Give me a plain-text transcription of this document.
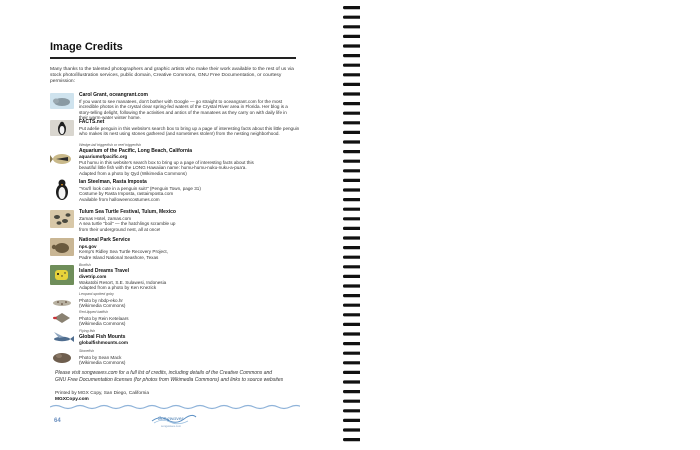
Image Credits
Many thanks to the talented photographers and graphic artists who make their work available to the rest of us via stock photo/illustration services, public domain, Creative Commons, GNU Free Documentation, or courtesy permission:
Carol Grant, oceangrant.com
If you want to see manatees, don't bother with Google — go straight to oceangrant.com for the most
incredible photos in the crystal clear spring-fed waters of the Crystal River area in Florida. Her blog is a
story-telling delight, following the activities and antics of the manatees as they carry on with daily life in
their warm-water winter home.
FACTS.net
Put adelie penguin in this website's search box to bring up a page of interesting facts about this little penguin
who makes its nest using stones gathered (and sometimes stolen!) from the nesting neighborhood.
Wedge-tail triggerfish or reef triggerfish
Aquarium of the Pacific, Long Beach, California
aquariumofpacific.org
Put humu in this website's search box to bring up a page of interesting facts about this
beautiful little fish with the LONG Hawaiian name: humu-humu-nuku-nuku-a-pua'a.
Adapted from a photo by Qyd (Wikimedia Commons)
Ian Steelman, Rasta Imposta
"You'll look cute in a penguin suit!" (Penguin Town, page 31)
Costume by Rasta Imposta, rastaimposta.com
Available from halloweencostumes.com
Tulum Sea Turtle Festival, Tulum, Mexico
Zamas Hotel, zamas.com
A sea turtle "boil" — the hatchlings scramble up
from their underground nest, all at once!
National Park Service
nps.gov
Kemp's Ridley Sea Turtle Recovery Project,
Padre Island National Seashore, Texas
Boxfish
Island Dreams Travel
divetrip.com
Wakatobi Resort, S.E. Sulawesi, Indonesia
Adapted from a photo by Ken Knezick
Leopard-spotted goby
Photo by nbdp-eko.hr
(Wikimedia Commons)
Red-lipped batfish
Photo by Rein Ketelaars
(Wikimedia Commons)
Flying fish
Global Fish Mounts
globalfishmounts.com
Stonefish
Photo by Sean Mack
(Wikimedia Commons)
Please visit songwaves.com for a full list of credits, including details of the Creative Commons and
GNU Free Documentation licenses (for photos from Wikimedia Commons) and links to source websites
Printed by MGX Copy, San Diego, California
MGXCopy.com
64	Songwaves
songwaves.com
